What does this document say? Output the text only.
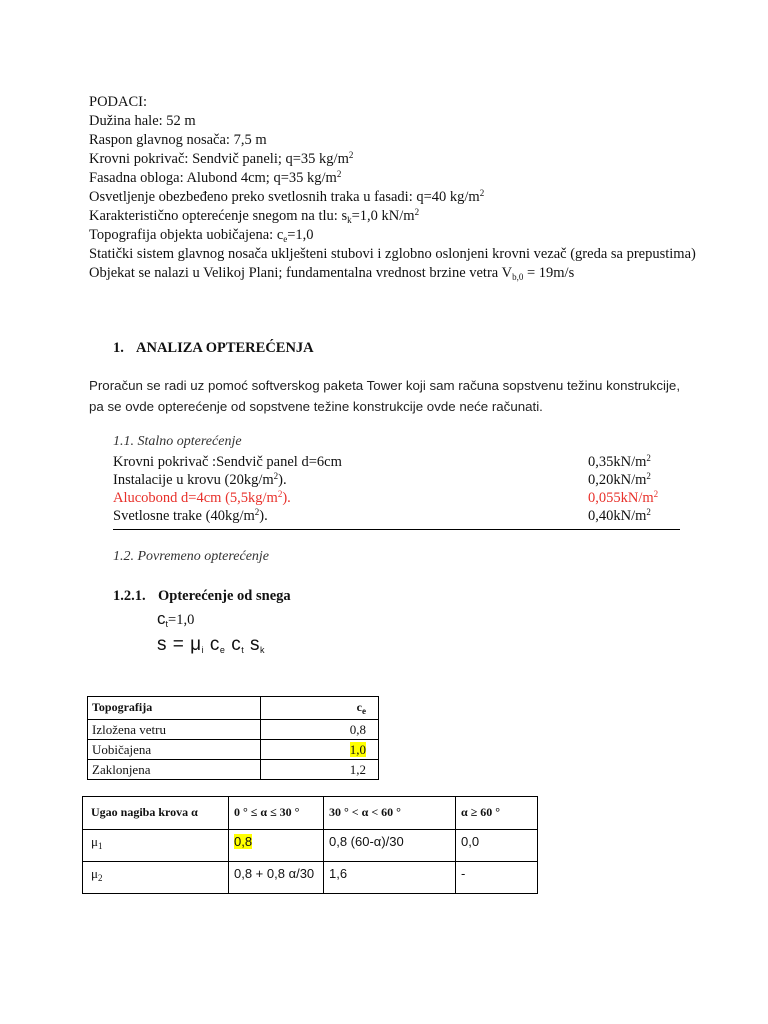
PODACI:
Dužina hale: 52 m
Raspon glavnog nosača: 7,5 m
Krovni pokrivač: Sendvič paneli; q=35 $kg/m^2$
Fasadna obloga: Alubond 4cm; q=35 $kg/m^2$
Osvetljenje obezbeđeno preko svetlosnih traka u fasadi: q=40 $kg/m^2$
Karakteristično opterećenje snegom na tlu: $s_k=1,0$ $kN/m^2$
Topografija objekta uobičajena: $c_e=1,0$
Statički sistem glavnog nosača uklješteni stubovi i zglobno oslonjeni krovni vezač (greda sa prepustima)
Objekat se nalazi u Velikoj Plani; fundamentalna vrednost brzine vetra $V_{b,0} = 19m/s$
1. ANALIZA OPTEREĆENJA
Proračun se radi uz pomoć softverskog paketa Tower koji sam računa sopstvenu težinu konstrukcije, pa se ovde opterećenje od sopstvene težine konstrukcije ovde neće računati.
1.1. Stalno opterećenje
Krovni pokrivač :Sendvič panel d=6cm	$0,35kN/m^2$
Instalacije u krovu $(20kg/m^2)$.	$0,20kN/m^2$
Alucobond d=4cm $(5,5kg/m^2)$.	$0,055kN/m^2$
Svetlosne trake $(40kg/m^2)$.	$0,40kN/m^2$
1.2. Povremeno opterećenje
1.2.1. Opterećenje od snega
$c_t=1,0$
$s = \mu_i$ $c_e$ $c_t$ $s_k$
Topografija	$c_e$
Izložena vetru	0,8
Uobičajena	1,0
Zaklonjena	1,2
Ugao nagiba krova α	0 ° ≤ α ≤ 30 °	30 ° < α < 60 °	α ≥ 60 °
$\mu_1$	0,8	0,8 (60-α)/30	0,0
$\mu_2$	0,8 + 0,8 α/30	1,6	-
